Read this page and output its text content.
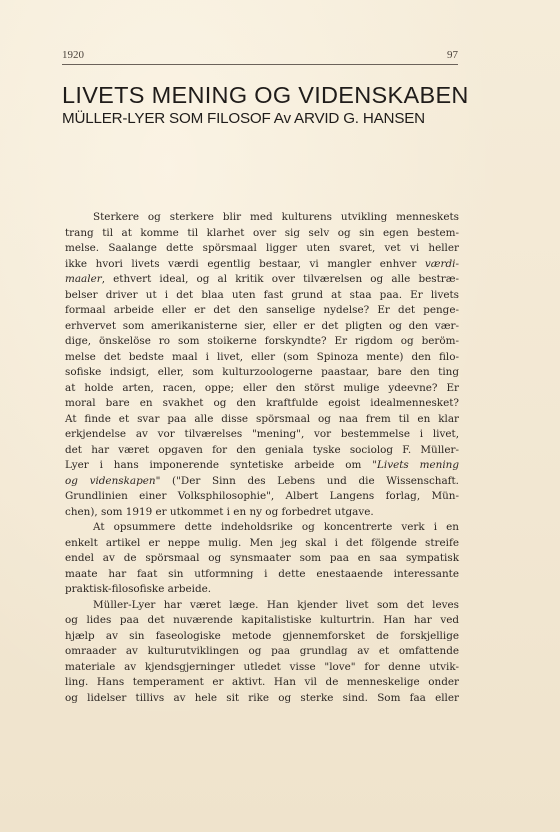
1920	97
LIVETS MENING OG VIDENSKABEN
MÜLLER-LYER SOM FILOSOF Av ARVID G. HANSEN
Sterkere og sterkere blir med kulturens utvikling menneskets
trang til at komme til klarhet over sig selv og sin egen bestem-
melse. Saalange dette spörsmaal ligger uten svaret, vet vi heller
ikke hvori livets værdi egentlig bestaar, vi mangler enhver værdi-
maaler, ethvert ideal, og al kritik over tilværelsen og alle bestræ-
belser driver ut i det blaa uten fast grund at staa paa. Er livets
formaal arbeide eller er det den sanselige nydelse? Er det penge-
erhvervet som amerikanisterne sier, eller er det pligten og den vær-
dige, önskelöse ro som stoikerne forskyndte? Er rigdom og beröm-
melse det bedste maal i livet, eller (som Spinoza mente) den filo-
sofiske indsigt, eller, som kulturzoologerne paastaar, bare den ting
at holde arten, racen, oppe; eller den störst mulige ydeevne? Er
moral bare en svakhet og den kraftfulde egoist idealmennesket?
At finde et svar paa alle disse spörsmaal og naa frem til en klar
erkjendelse av vor tilværelses "mening", vor bestemmelse i livet,
det har været opgaven for den geniala tyske sociolog F. Müller-
Lyer i hans imponerende syntetiske arbeide om "Livets mening
og videnskapen" ("Der Sinn des Lebens und die Wissenschaft.
Grundlinien einer Volksphilosophie", Albert Langens forlag, Mün-
chen), som 1919 er utkommet i en ny og forbedret utgave.
At opsummere dette indeholdsrike og koncentrerte verk i en
enkelt artikel er neppe mulig. Men jeg skal i det fölgende streife
endel av de spörsmaal og synsmaater som paa en saa sympatisk
maate har faat sin utformning i dette enestaaende interessante
praktisk-filosofiske arbeide.
Müller-Lyer har været læge. Han kjender livet som det leves
og lides paa det nuværende kapitalistiske kulturtrin. Han har ved
hjælp av sin faseologiske metode gjennemforsket de forskjellige
omraader av kulturutviklingen og paa grundlag av et omfattende
materiale av kjendsgjerninger utledet visse "love" for denne utvik-
ling. Hans temperament er aktivt. Han vil de menneskelige onder
og lidelser tillivs av hele sit rike og sterke sind. Som faa eller
